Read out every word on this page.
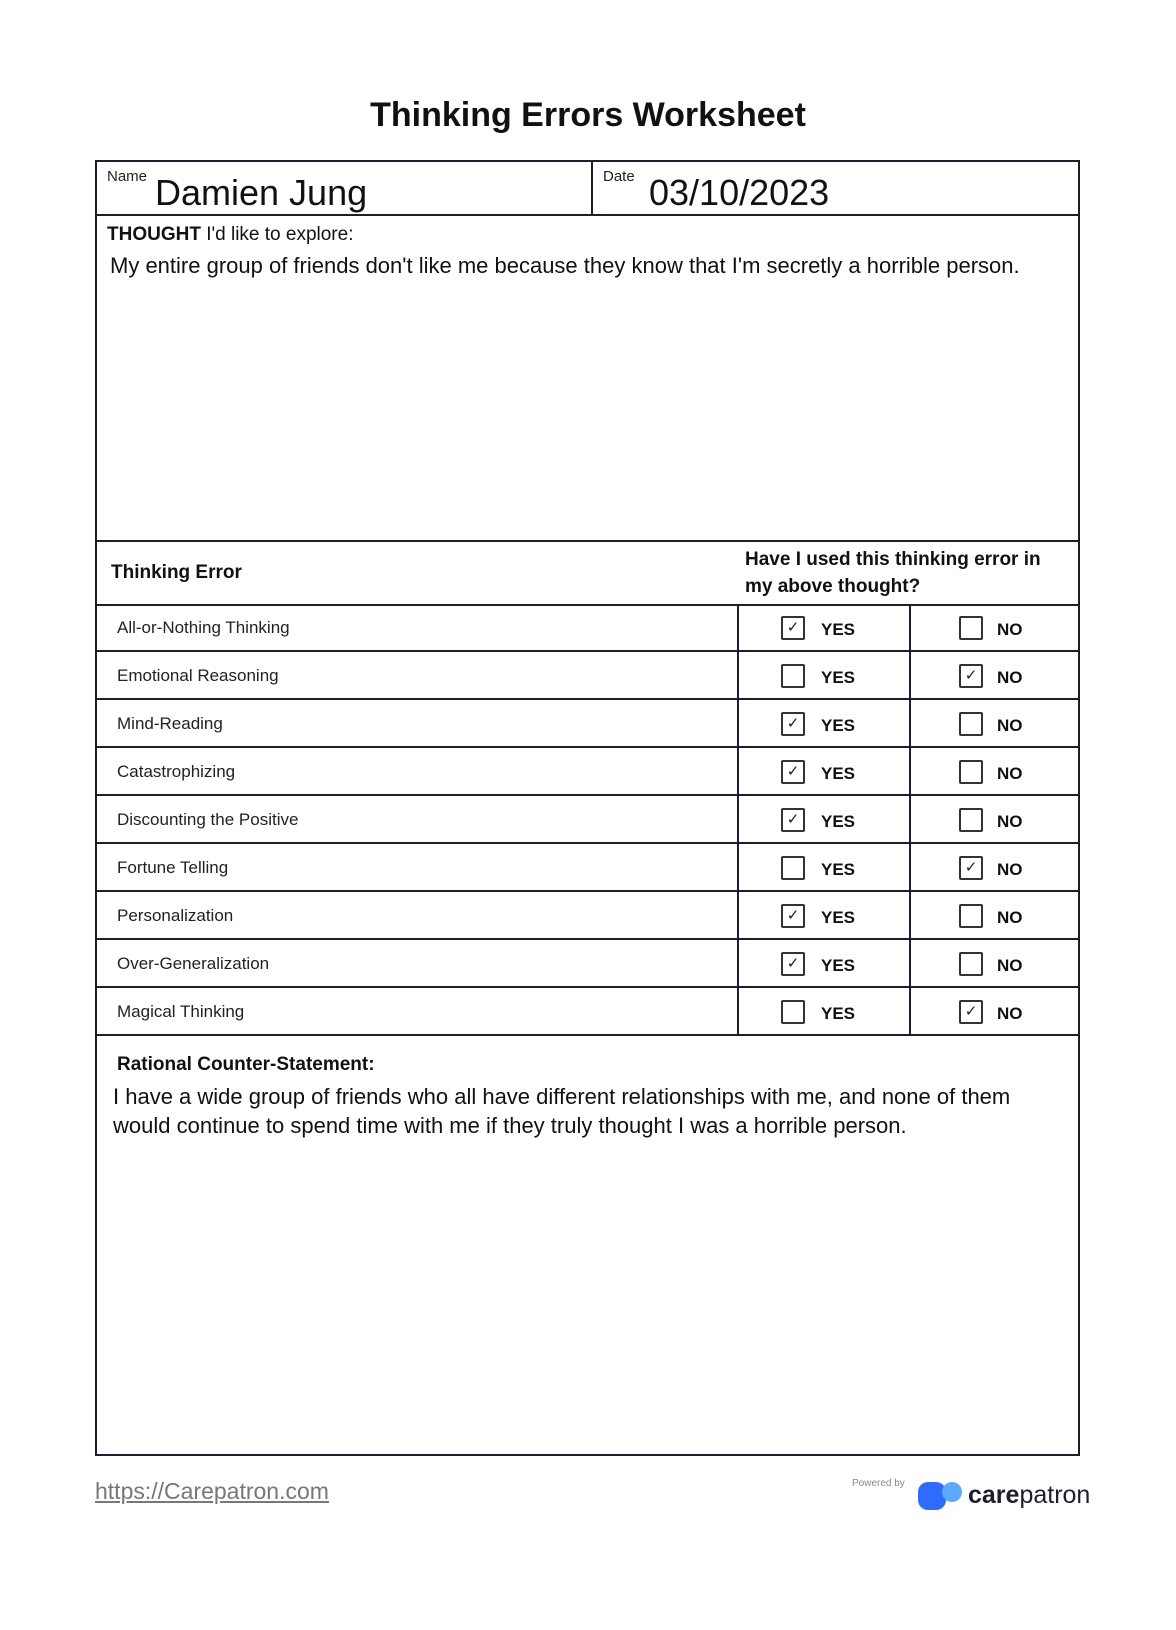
Thinking Errors Worksheet
Name Damien Jung	Date 03/10/2023
THOUGHT I'd like to explore:
My entire group of friends don't like me because they know that I'm secretly a horrible person.
Thinking Error
Have I used this thinking error in my above thought?
All-or-Nothing Thinking	✓	YES	NO
Emotional Reasoning	YES	✓	NO
Mind-Reading	✓	YES	NO
Catastrophizing	✓	YES	NO
Discounting the Positive	✓	YES	NO
Fortune Telling	YES	✓	NO
Personalization	✓	YES	NO
Over-Generalization	✓	YES	NO
Magical Thinking	YES	✓	NO
Rational Counter-Statement:
I have a wide group of friends who all have different relationships with me, and none of them would continue to spend time with me if they truly thought I was a horrible person.
https://Carepatron.com	Powered by	carepatron
